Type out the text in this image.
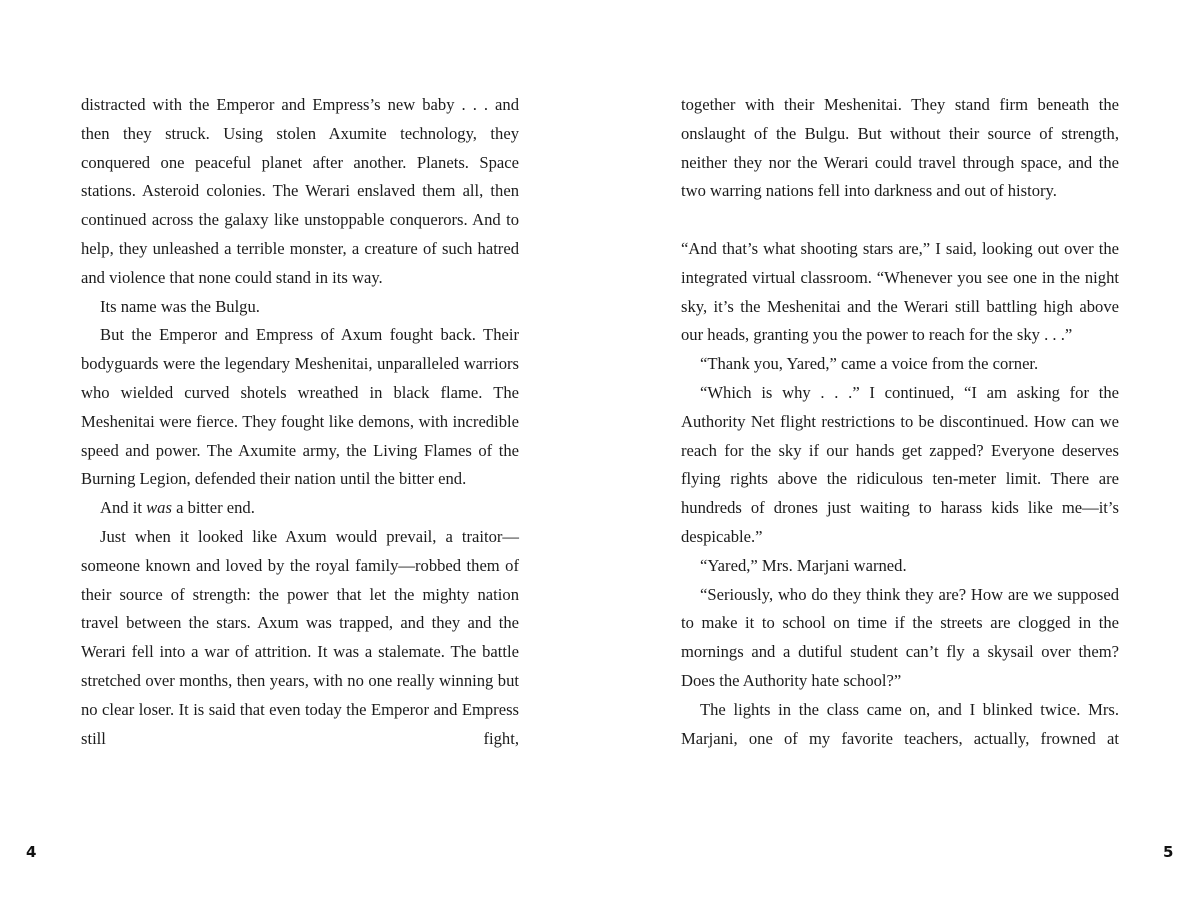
distracted with the Emperor and Empress’s new baby . . . and then they struck. Using stolen Axumite technology, they conquered one peaceful planet after another. Planets. Space stations. Asteroid colonies. The Werari enslaved them all, then continued across the galaxy like unstoppable conquerors. And to help, they unleashed a terrible monster, a creature of such hatred and violence that none could stand in its way.

Its name was the Bulgu.

But the Emperor and Empress of Axum fought back. Their bodyguards were the legendary Meshenitai, unparalleled warriors who wielded curved shotels wreathed in black flame. The Meshenitai were fierce. They fought like demons, with incredible speed and power. The Axumite army, the Living Flames of the Burning Legion, defended their nation until the bitter end.

And it was a bitter end.

Just when it looked like Axum would prevail, a traitor—someone known and loved by the royal family—robbed them of their source of strength: the power that let the mighty nation travel between the stars. Axum was trapped, and they and the Werari fell into a war of attrition. It was a stalemate. The battle stretched over months, then years, with no one really winning but no clear loser. It is said that even today the Emperor and Empress still fight,

together with their Meshenitai. They stand firm beneath the onslaught of the Bulgu. But without their source of strength, neither they nor the Werari could travel through space, and the two warring nations fell into darkness and out of history.

“And that’s what shooting stars are,” I said, looking out over the integrated virtual classroom. “Whenever you see one in the night sky, it’s the Meshenitai and the Werari still battling high above our heads, granting you the power to reach for the sky . . .”

“Thank you, Yared,” came a voice from the corner.

“Which is why . . .” I continued, “I am asking for the Authority Net flight restrictions to be discontinued. How can we reach for the sky if our hands get zapped? Everyone deserves flying rights above the ridiculous ten-meter limit. There are hundreds of drones just waiting to harass kids like me—it’s despicable.”

“Yared,” Mrs. Marjani warned.

“Seriously, who do they think they are? How are we supposed to make it to school on time if the streets are clogged in the mornings and a dutiful student can’t fly a skysail over them? Does the Authority hate school?”

The lights in the class came on, and I blinked twice. Mrs. Marjani, one of my favorite teachers, actually, frowned at

4	5
